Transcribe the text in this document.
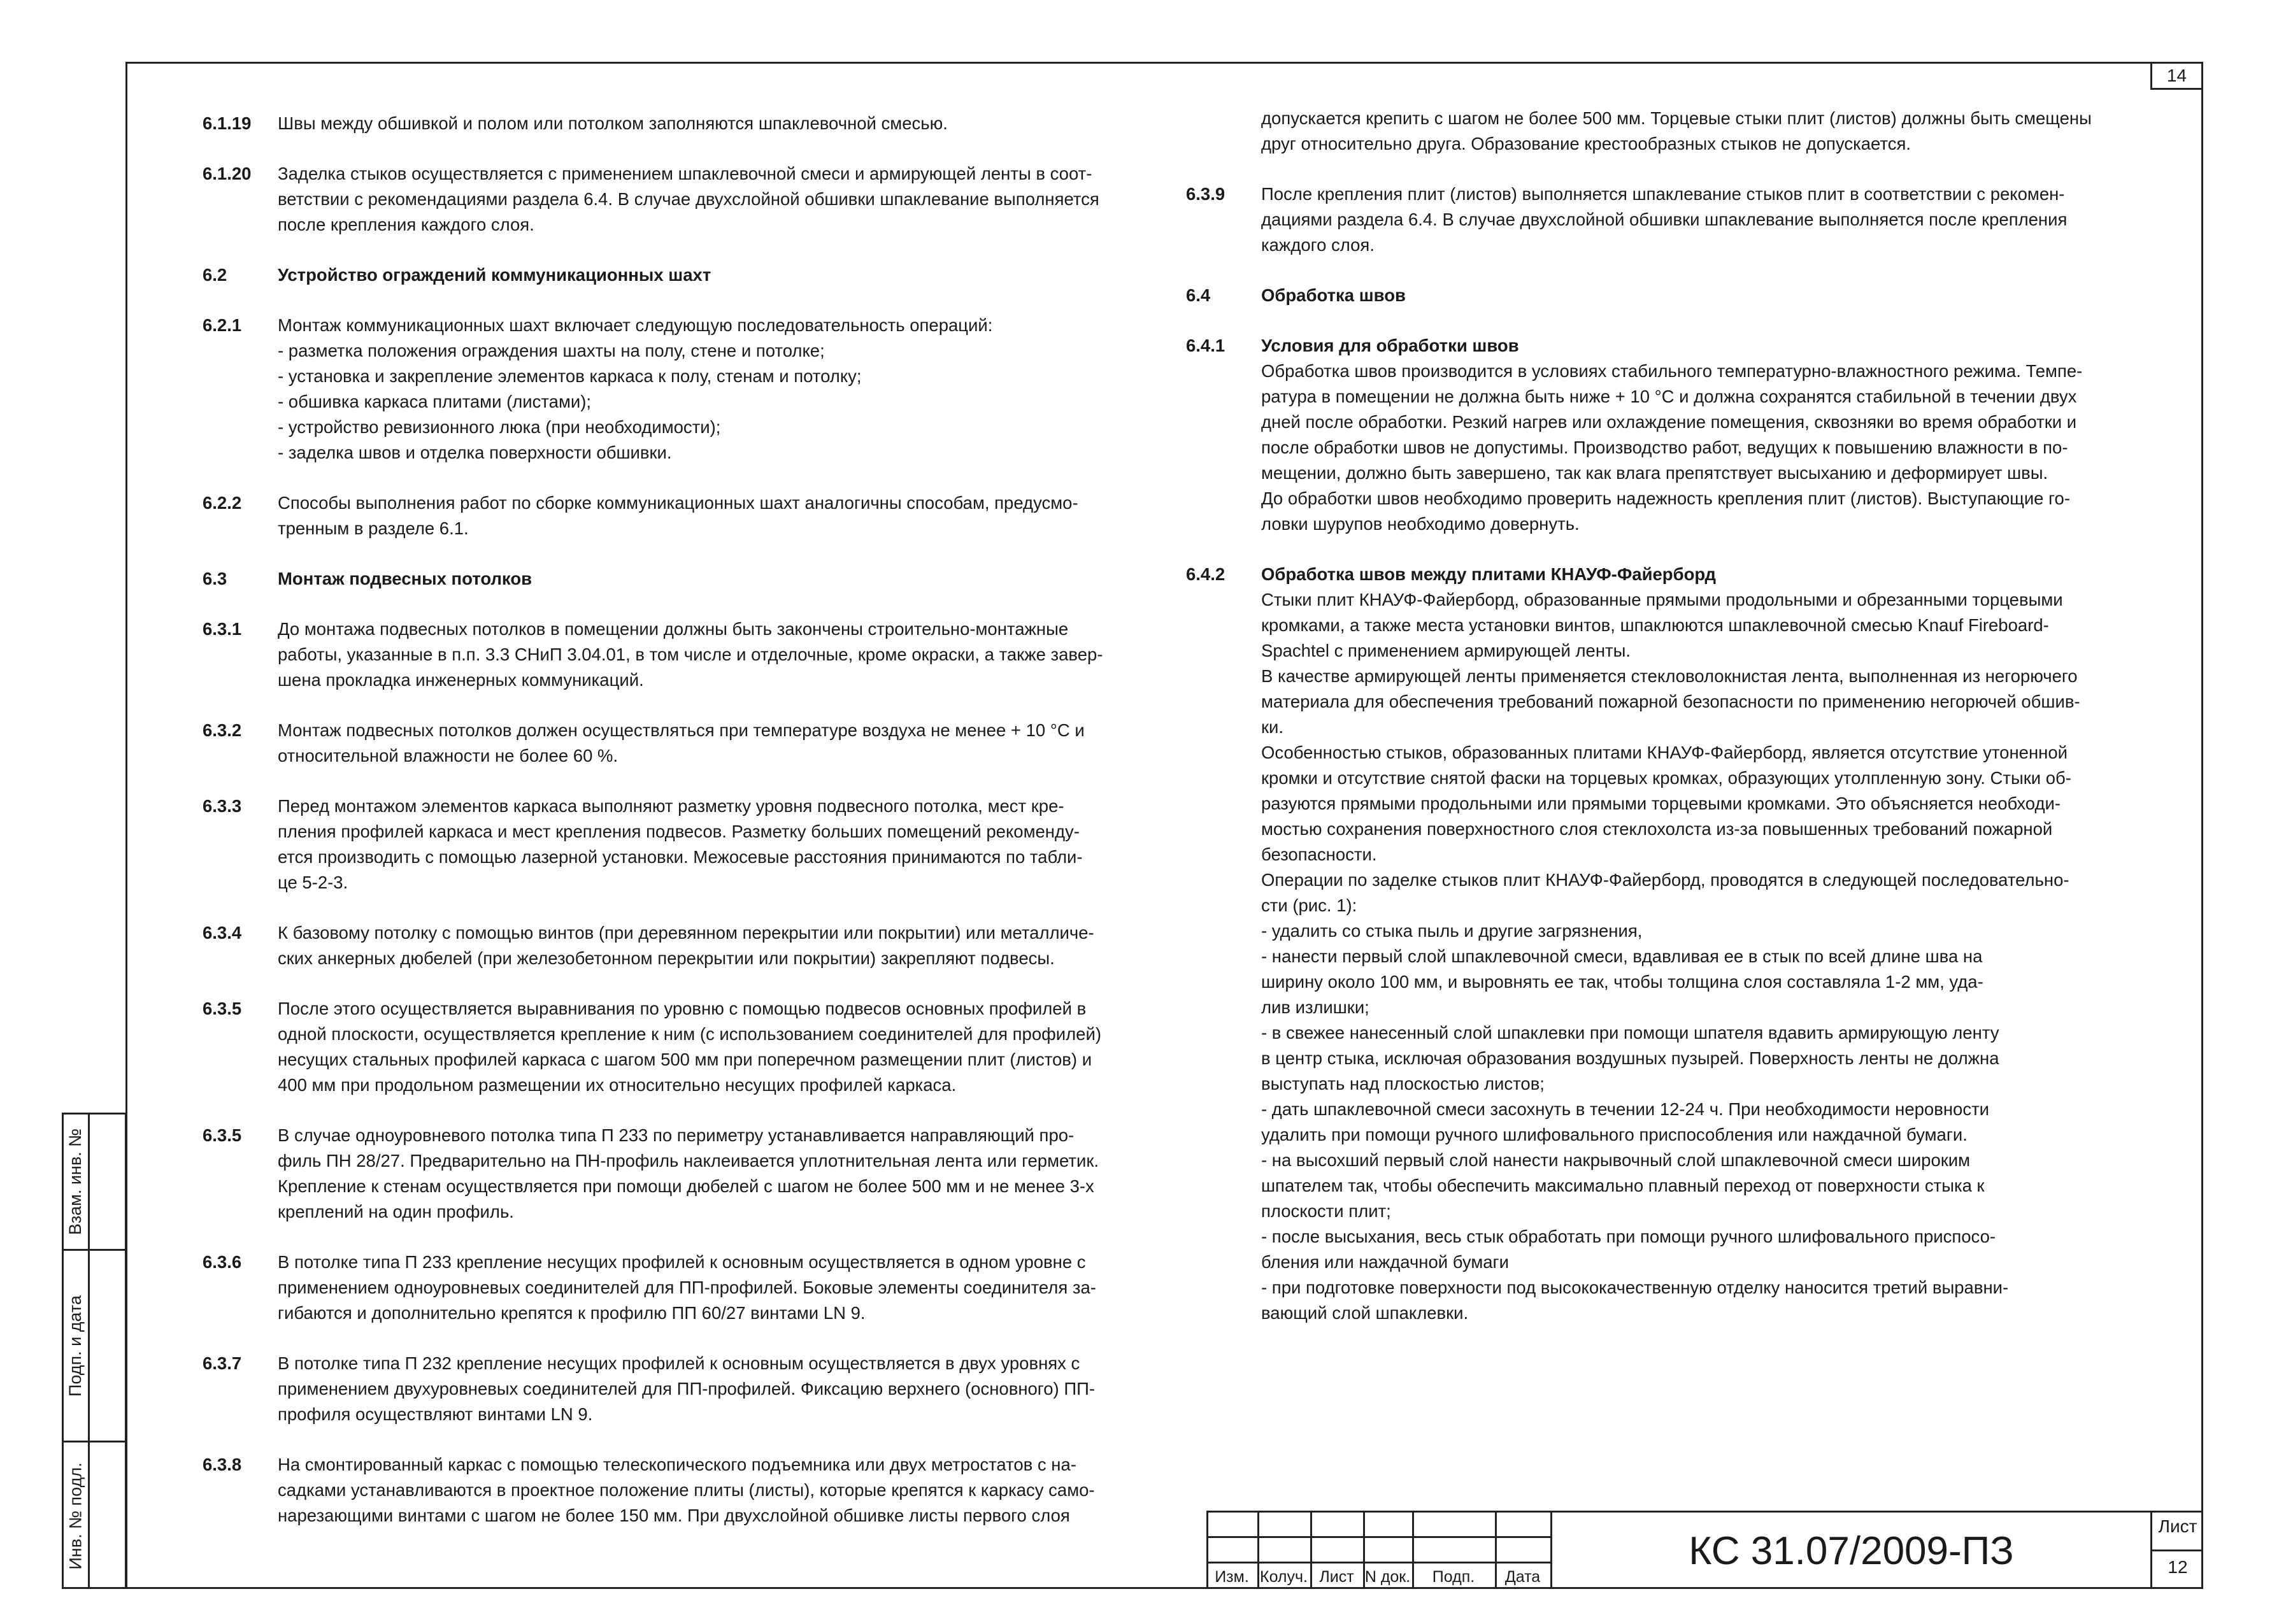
14
Взам. инв. №
Подп. и дата
Инв. № подл.
6.1.19 Швы между обшивкой и полом или потолком заполняются шпаклевочной смесью.
6.1.20 Заделка стыков осуществляется с применением шпаклевочной смеси и армирующей ленты в соот-
ветствии с рекомендациями раздела 6.4. В случае двухслойной обшивки шпаклевание выполняется
после крепления каждого слоя.
6.2	Устройство ограждений коммуникационных шахт
6.2.1 Монтаж коммуникационных шахт включает следующую последовательность операций:
- разметка положения ограждения шахты на полу, стене и потолке;
- установка и закрепление элементов каркаса к полу, стенам и потолку;
- обшивка каркаса плитами (листами);
- устройство ревизионного люка (при необходимости);
- заделка швов и отделка поверхности обшивки.
6.2.2 Способы выполнения работ по сборке коммуникационных шахт аналогичны способам, предусмо-
тренным в разделе 6.1.
6.3	Монтаж подвесных потолков
6.3.1 До монтажа подвесных потолков в помещении должны быть закончены строительно-монтажные
работы, указанные в п.п. 3.3 СНиП 3.04.01, в том числе и отделочные, кроме окраски, а также завер-
шена прокладка инженерных коммуникаций.
6.3.2 Монтаж подвесных потолков должен осуществляться при температуре воздуха не менее + 10 °С и
относительной влажности не более 60 %.
6.3.3 Перед монтажом элементов каркаса выполняют разметку уровня подвесного потолка, мест кре-
пления профилей каркаса и мест крепления подвесов. Разметку больших помещений рекоменду-
ется производить с помощью лазерной установки. Межосевые расстояния принимаются по табли-
це 5-2-3.
6.3.4 К базовому потолку с помощью винтов (при деревянном перекрытии или покрытии) или металличе-
ских анкерных дюбелей (при железобетонном перекрытии или покрытии) закрепляют подвесы.
6.3.5 После этого осуществляется выравнивания по уровню с помощью подвесов основных профилей в
одной плоскости, осуществляется крепление к ним (с использованием соединителей для профилей)
несущих стальных профилей каркаса с шагом 500 мм при поперечном размещении плит (листов) и
400 мм при продольном размещении их относительно несущих профилей каркаса.
6.3.5 В случае одноуровневого потолка типа П 233 по периметру устанавливается направляющий про-
филь ПН 28/27. Предварительно на ПН-профиль наклеивается уплотнительная лента или герметик.
Крепление к стенам осуществляется при помощи дюбелей с шагом не более 500 мм и не менее 3-х
креплений на один профиль.
6.3.6 В потолке типа П 233 крепление несущих профилей к основным осуществляется в одном уровне с
применением одноуровневых соединителей для ПП-профилей. Боковые элементы соединителя за-
гибаются и дополнительно крепятся к профилю ПП 60/27 винтами LN 9.
6.3.7 В потолке типа П 232 крепление несущих профилей к основным осуществляется в двух уровнях с
применением двухуровневых соединителей для ПП-профилей. Фиксацию верхнего (основного) ПП-
профиля осуществляют винтами LN 9.
6.3.8 На смонтированный каркас с помощью телескопического подъемника или двух метростатов с на-
садками устанавливаются в проектное положение плиты (листы), которые крепятся к каркасу само-
нарезающими винтами с шагом не более 150 мм. При двухслойной обшивке листы первого слоя
допускается крепить с шагом не более 500 мм. Торцевые стыки плит (листов) должны быть смещены
друг относительно друга. Образование крестообразных стыков не допускается.
6.3.9 После крепления плит (листов) выполняется шпаклевание стыков плит в соответствии с рекомен-
дациями раздела 6.4. В случае двухслойной обшивки шпаклевание выполняется после крепления
каждого слоя.
6.4	Обработка швов
6.4.1 Условия для обработки швов
Обработка швов производится в условиях стабильного температурно-влажностного режима. Темпе-
ратура в помещении не должна быть ниже + 10 °С и должна сохранятся стабильной в течении двух
дней после обработки. Резкий нагрев или охлаждение помещения, сквозняки во время обработки и
после обработки швов не допустимы. Производство работ, ведущих к повышению влажности в по-
мещении, должно быть завершено, так как влага препятствует высыханию и деформирует швы.
До обработки швов необходимо проверить надежность крепления плит (листов). Выступающие го-
ловки шурупов необходимо довернуть.
6.4.2 Обработка швов между плитами КНАУФ-Файерборд
Стыки плит КНАУФ-Файерборд, образованные прямыми продольными и обрезанными торцевыми
кромками, а также места установки винтов, шпаклюются шпаклевочной смесью Knauf Fireboard-
Spachtel с применением армирующей ленты.
В качестве армирующей ленты применяется стекловолокнистая лента, выполненная из негорючего
материала для обеспечения требований пожарной безопасности по применению негорючей обшив-
ки.
Особенностью стыков, образованных плитами КНАУФ-Файерборд, является отсутствие утоненной
кромки и отсутствие снятой фаски на торцевых кромках, образующих утолпленную зону. Стыки об-
разуются прямыми продольными или прямыми торцевыми кромками. Это объясняется необходи-
мостью сохранения поверхностного слоя стеклохолста из-за повышенных требований пожарной
безопасности.
Операции по заделке стыков плит КНАУФ-Файерборд, проводятся в следующей последовательно-
сти (рис. 1):
- удалить со стыка пыль и другие загрязнения,
- нанести первый слой шпаклевочной смеси, вдавливая ее в стык по всей длине шва на
ширину около 100 мм, и выровнять ее так, чтобы толщина слоя составляла 1-2 мм, уда-
лив излишки;
- в свежее нанесенный слой шпаклевки при помощи шпателя вдавить армирующую ленту
в центр стыка, исключая образования воздушных пузырей. Поверхность ленты не должна
выступать над плоскостью листов;
- дать шпаклевочной смеси засохнуть в течении 12-24 ч. При необходимости неровности
удалить при помощи ручного шлифовального приспособления или наждачной бумаги.
- на высохший первый слой нанести накрывочный слой шпаклевочной смеси широким
шпателем так, чтобы обеспечить максимально плавный переход от поверхности стыка к
плоскости плит;
- после высыхания, весь стык обработать при помощи ручного шлифовального приспосо-
бления или наждачной бумаги
- при подготовке поверхности под высококачественную отделку наносится третий выравни-
вающий слой шпаклевки.
Изм. Колуч. Лист N док.	Подп.	Дата
КС 31.07/2009-ПЗ
Лист
12
